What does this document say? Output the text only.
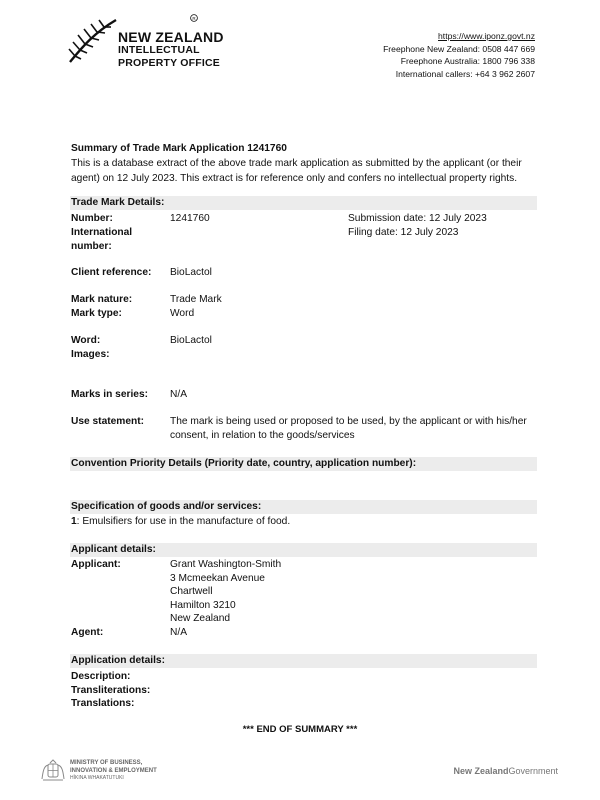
NEW ZEALAND
INTELLECTUAL
PROPERTY OFFICE
R
https://www.iponz.govt.nz
Freephone New Zealand: 0508 447 669
Freephone Australia: 1800 796 338
International callers: +64 3 962 2607
Summary of Trade Mark Application 1241760
This is a database extract of the above trade mark application as submitted by the applicant (or their agent) on 12 July 2023. This extract is for reference only and confers no intellectual property rights.
Trade Mark Details:
Number:	1241760
International number:
Submission date: 12 July 2023
Filing date: 12 July 2023
Client reference: BioLactol
Mark nature:	Trade Mark
Mark type:	Word
Word:	BioLactol
Images:
Marks in series: N/A
Use statement:	The mark is being used or proposed to be used, by the applicant or with his/her consent, in relation to the goods/services
Convention Priority Details (Priority date, country, application number):
Specification of goods and/or services:
1: Emulsifiers for use in the manufacture of food.
Applicant details:
Applicant:	Grant Washington-Smith
3 Mcmeekan Avenue
Chartwell
Hamilton 3210
New Zealand
Agent:	N/A
Application details:
Description:
Transliterations:
Translations:
*** END OF SUMMARY ***
MINISTRY OF BUSINESS,
INNOVATION & EMPLOYMENT
HĪKINA WHAKATUTUKI
New ZealandGovernment
